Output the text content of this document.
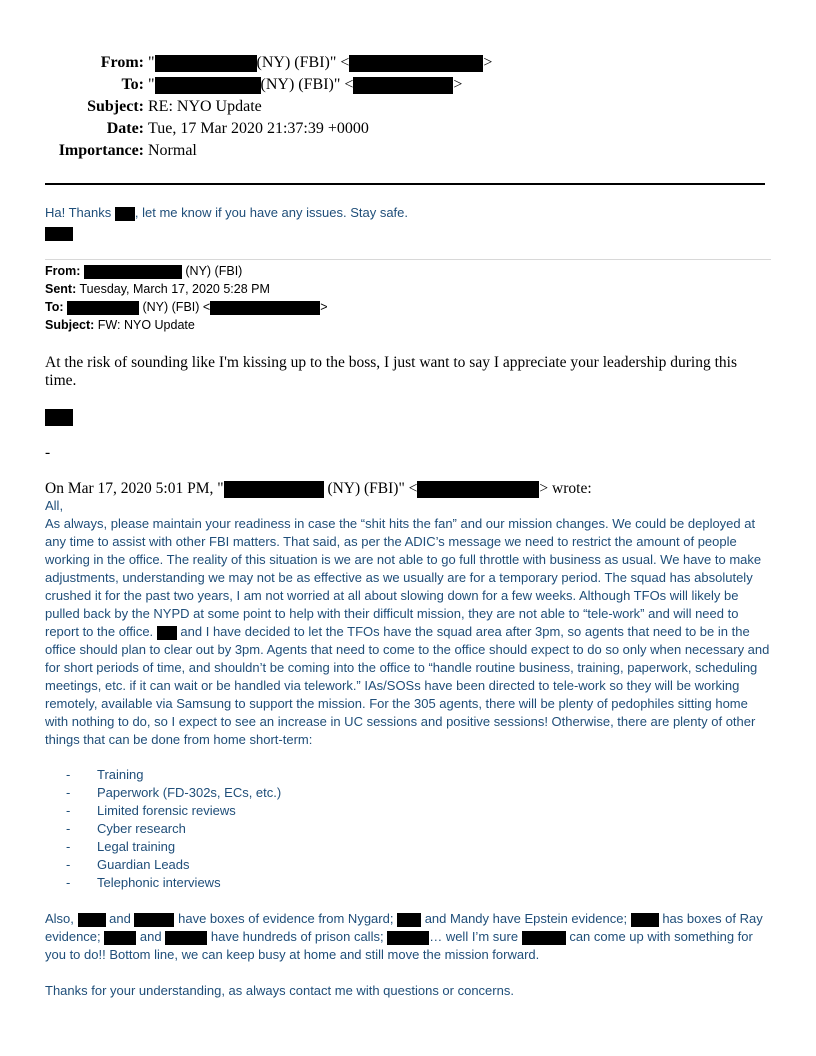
From: "	(NY) (FBI)" <	>
To: "	(NY) (FBI)" <	>
Subject: RE: NYO Update
Date: Tue, 17 Mar 2020 21:37:39 +0000
Importance: Normal
Ha! Thanks , let me know if you have any issues. Stay safe.

From:	(NY) (FBI)
Sent: Tuesday, March 17, 2020 5:28 PM
To:	(NY) (FBI) <	>
Subject: FW: NYO Update
At the risk of sounding like I'm kissing up to the boss, I just want to say I appreciate your leadership during this time.
-
On Mar 17, 2020 5:01 PM, "	(NY) (FBI)" <	> wrote:

All,

As always, please maintain your readiness in case the “shit hits the fan” and our mission changes. We could be deployed at any time to assist with other FBI matters. That said, as per the ADIC’s message we need to restrict the amount of people working in the office. The reality of this situation is we are not able to go full throttle with business as usual. We have to make adjustments, understanding we may not be as effective as we usually are for a temporary period. The squad has absolutely crushed it for the past two years, I am not worried at all about slowing down for a few weeks. Although TFOs will likely be pulled back by the NYPD at some point to help with their difficult mission, they are not able to “tele-work” and will need to report to the office. and I have decided to let the TFOs have the squad area after 3pm, so agents that need to be in the office should plan to clear out by 3pm. Agents that need to come to the office should expect to do so only when necessary and for short periods of time, and shouldn’t be coming into the office to “handle routine business, training, paperwork, scheduling meetings, etc. if it can wait or be handled via telework.” IAs/SOSs have been directed to tele-work so they will be working remotely, available via Samsung to support the mission. For the 305 agents, there will be plenty of pedophiles sitting home with nothing to do, so I expect to see an increase in UC sessions and positive sessions! Otherwise, there are plenty of other things that can be done from home short-term:

- Training
- Paperwork (FD-302s, ECs, etc.)
- Limited forensic reviews
- Cyber research
- Legal training
- Guardian Leads
- Telephonic interviews

Also,	and	have boxes of evidence from Nygard; and Mandy have Epstein evidence;	has boxes of Ray evidence;	and	have hundreds of prison calls;	… well I’m sure	can come up with something for you to do!! Bottom line, we can keep busy at home and still move the mission forward.

Thanks for your understanding, as always contact me with questions or concerns.
